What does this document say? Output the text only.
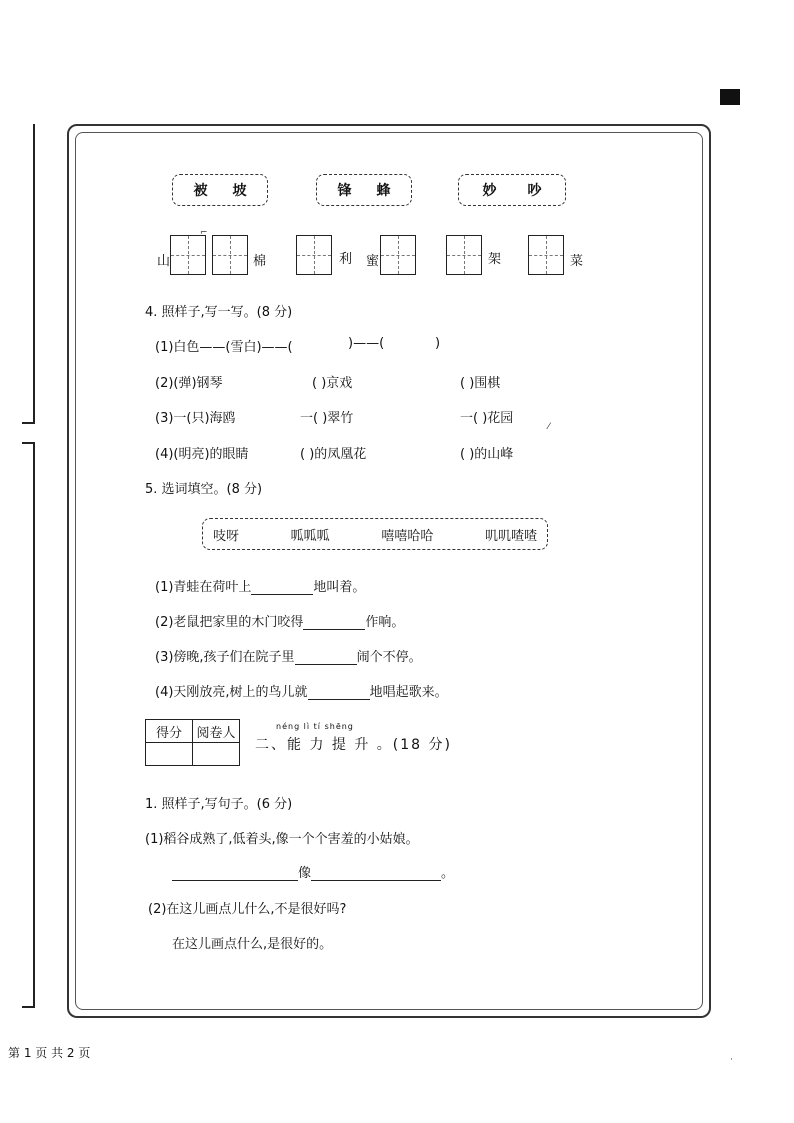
被 坡	锋 蜂	妙 吵
山	棉	利 蜜	架	菜
4. 照样子,写一写。(8 分)
(1)白色——(雪白)——(	)——(	)
(2)(弹)钢琴	( )京戏	( )围棋
(3)一(只)海鸥	一( )翠竹	一( )花园
(4)(明亮)的眼睛	( )的凤凰花	( )的山峰
5. 选词填空。(8 分)
吱呀	呱呱呱	嘻嘻哈哈	叽叽喳喳
(1)青蛙在荷叶上	地叫着。
(2)老鼠把家里的木门咬得	作响。
(3)傍晚,孩子们在院子里	闹个不停。
(4)天刚放亮,树上的鸟儿就	地唱起歌来。
得分	阅卷人
		néng lì tí shēng
二、能 力 提 升 。(18 分)
1. 照样子,写句子。(6 分)
(1)稻谷成熟了,低着头,像一个个害羞的小姑娘。
像	。
(2)在这儿画点儿什么,不是很好吗?
在这儿画点什么,是很好的。
第 1 页 共 2 页	·
⌐
⁄
